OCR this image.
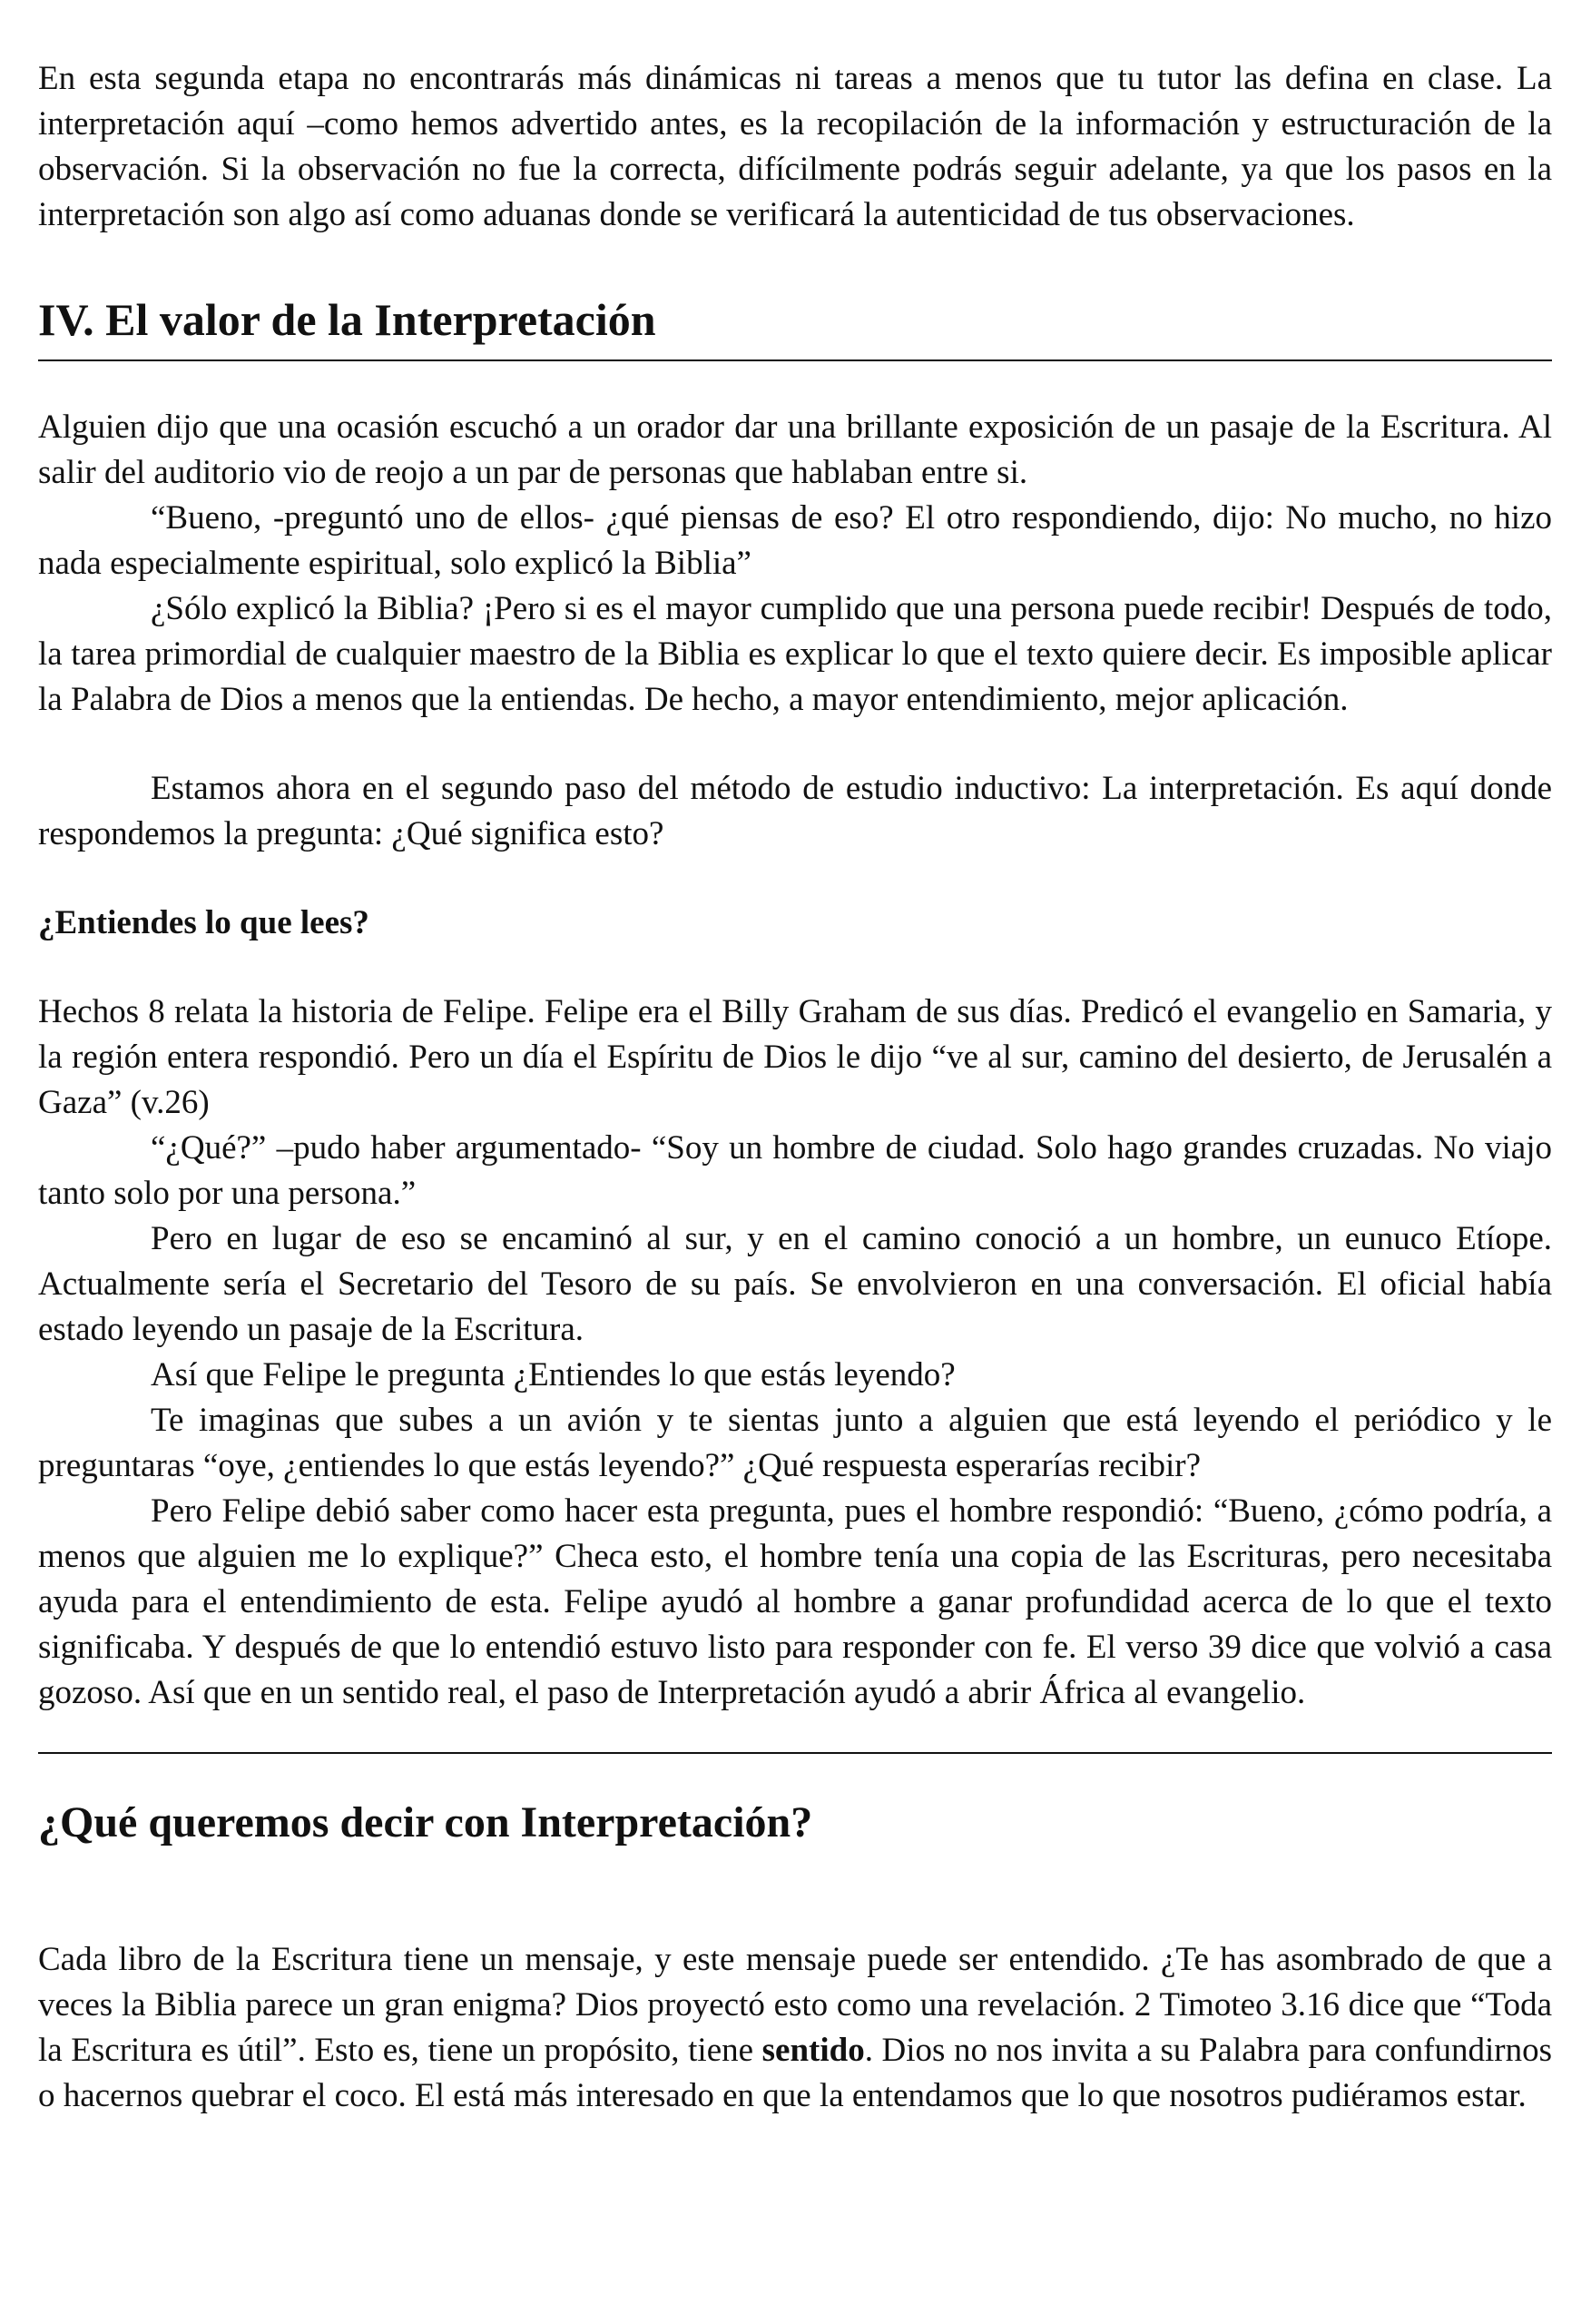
En esta segunda etapa no encontrarás más dinámicas ni tareas a menos que tu tutor las defina en clase. La interpretación aquí –como hemos advertido antes, es la recopilación de la información y estructuración de la observación. Si la observación no fue la correcta, difícilmente podrás seguir adelante, ya que los pasos en la interpretación son algo así como aduanas donde se verificará la autenticidad de tus observaciones.

IV. El valor de la Interpretación

Alguien dijo que una ocasión escuchó a un orador dar una brillante exposición de un pasaje de la Escritura. Al salir del auditorio vio de reojo a un par de personas que hablaban entre si.

“Bueno, -preguntó uno de ellos- ¿qué piensas de eso? El otro respondiendo, dijo: No mucho, no hizo nada especialmente espiritual, solo explicó la Biblia”

¿Sólo explicó la Biblia? ¡Pero si es el mayor cumplido que una persona puede recibir! Después de todo, la tarea primordial de cualquier maestro de la Biblia es explicar lo que el texto quiere decir. Es imposible aplicar la Palabra de Dios a menos que la entiendas. De hecho, a mayor entendimiento, mejor aplicación.

Estamos ahora en el segundo paso del método de estudio inductivo: La interpretación. Es aquí donde respondemos la pregunta: ¿Qué significa esto?

¿Entiendes lo que lees?

Hechos 8 relata la historia de Felipe. Felipe era el Billy Graham de sus días. Predicó el evangelio en Samaria, y la región entera respondió. Pero un día el Espíritu de Dios le dijo “ve al sur, camino del desierto, de Jerusalén a Gaza” (v.26)

“¿Qué?” –pudo haber argumentado- “Soy un hombre de ciudad. Solo hago grandes cruzadas. No viajo tanto solo por una persona.”

Pero en lugar de eso se encaminó al sur, y en el camino conoció a un hombre, un eunuco Etíope. Actualmente sería el Secretario del Tesoro de su país. Se envolvieron en una conversación. El oficial había estado leyendo un pasaje de la Escritura.

Así que Felipe le pregunta ¿Entiendes lo que estás leyendo?

Te imaginas que subes a un avión y te sientas junto a alguien que está leyendo el periódico y le preguntaras “oye, ¿entiendes lo que estás leyendo?” ¿Qué respuesta esperarías recibir?

Pero Felipe debió saber como hacer esta pregunta, pues el hombre respondió: “Bueno, ¿cómo podría, a menos que alguien me lo explique?” Checa esto, el hombre tenía una copia de las Escrituras, pero necesitaba ayuda para el entendimiento de esta. Felipe ayudó al hombre a ganar profundidad acerca de lo que el texto significaba. Y después de que lo entendió estuvo listo para responder con fe. El verso 39 dice que volvió a casa gozoso. Así que en un sentido real, el paso de Interpretación ayudó a abrir África al evangelio.

¿Qué queremos decir con Interpretación?

Cada libro de la Escritura tiene un mensaje, y este mensaje puede ser entendido. ¿Te has asombrado de que a veces la Biblia parece un gran enigma? Dios proyectó esto como una revelación. 2 Timoteo 3.16 dice que “Toda la Escritura es útil”. Esto es, tiene un propósito, tiene sentido. Dios no nos invita a su Palabra para confundirnos o hacernos quebrar el coco. El está más interesado en que la entendamos que lo que nosotros pudiéramos estar.
